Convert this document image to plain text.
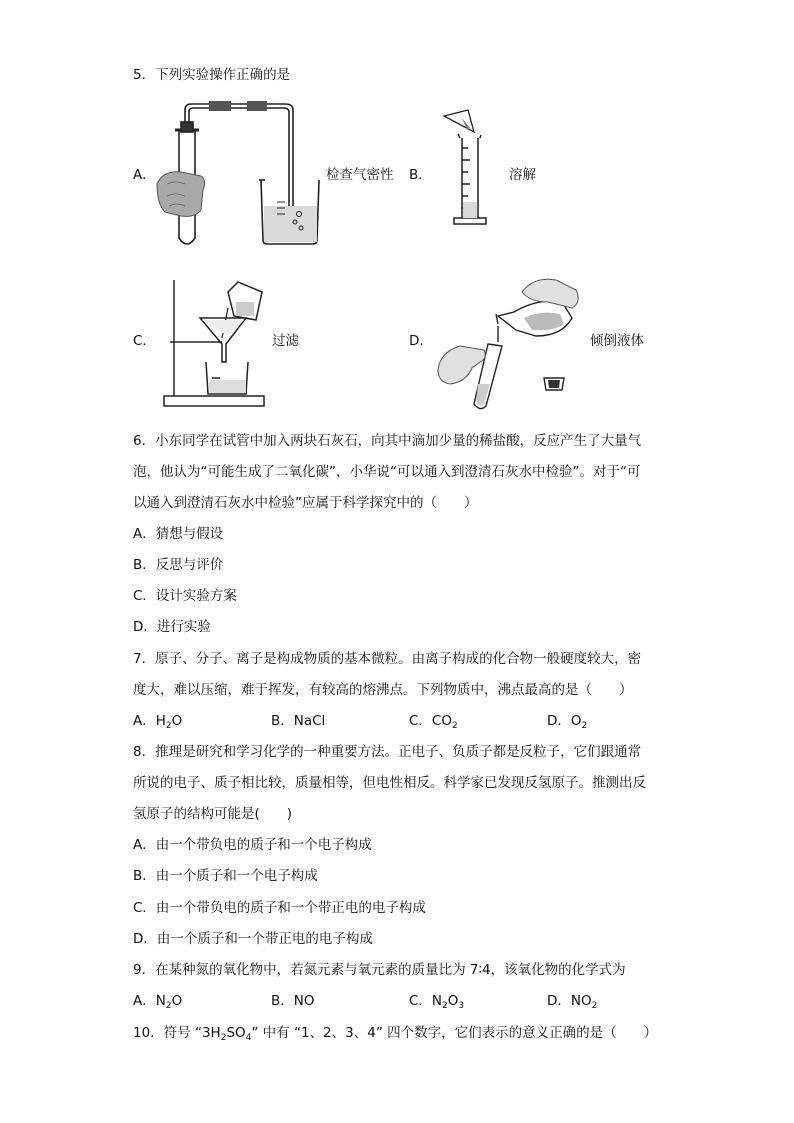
5．下列实验操作正确的是
A．	检查气密性 B．	溶解
C．	过滤	D．	倾倒液体
6．小东同学在试管中加入两块石灰石，向其中滴加少量的稀盐酸，反应产生了大量气
泡，他认为“可能生成了二氧化碳”，小华说“可以通入到澄清石灰水中检验”。对于“可
以通入到澄清石灰水中检验”应属于科学探究中的（　　）
A．猜想与假设
B．反思与评价
C．设计实验方案
D．进行实验
7．原子、分子、离子是构成物质的基本微粒。由离子构成的化合物一般硬度较大，密
度大，难以压缩，难于挥发，有较高的熔沸点。下列物质中，沸点最高的是（　　）
A．$H_2O$	B．NaCl	C．$CO_2$	D．$O_2$
8．推理是研究和学习化学的一种重要方法。正电子、负质子都是反粒子，它们跟通常
所说的电子、质子相比较，质量相等，但电性相反。科学家已发现反氢原子。推测出反
氢原子的结构可能是(　　)
A．由一个带负电的质子和一个电子构成
B．由一个质子和一个电子构成
C．由一个带负电的质子和一个带正电的电子构成
D．由一个质子和一个带正电的电子构成
9．在某种氮的氧化物中，若氮元素与氧元素的质量比为 7∶4，该氧化物的化学式为
A．$N_2O$	B．NO	C．$N_2O_3$	D．$NO_2$
10．符号 “$3H_2SO_4$” 中有 “1、2、3、4” 四个数字，它们表示的意义正确的是（　　）
